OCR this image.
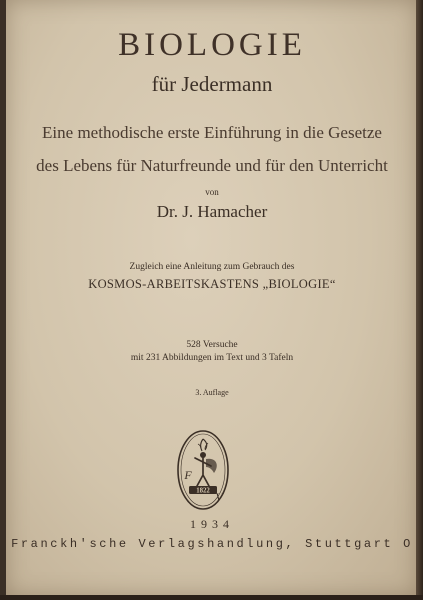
BIOLOGIE
für Jedermann
Eine methodische erste Einführung in die Gesetze
des Lebens für Naturfreunde und für den Unterricht
von
Dr. J. Hamacher
Zugleich eine Anleitung zum Gebrauch des
KOSMOS-ARBEITSKASTENS „BIOLOGIE“
528 Versuche
mit 231 Abbildungen im Text und 3 Tafeln
3. Auflage
1822
F
V
1934
Franckh'sche Verlagshandlung, Stuttgart O
